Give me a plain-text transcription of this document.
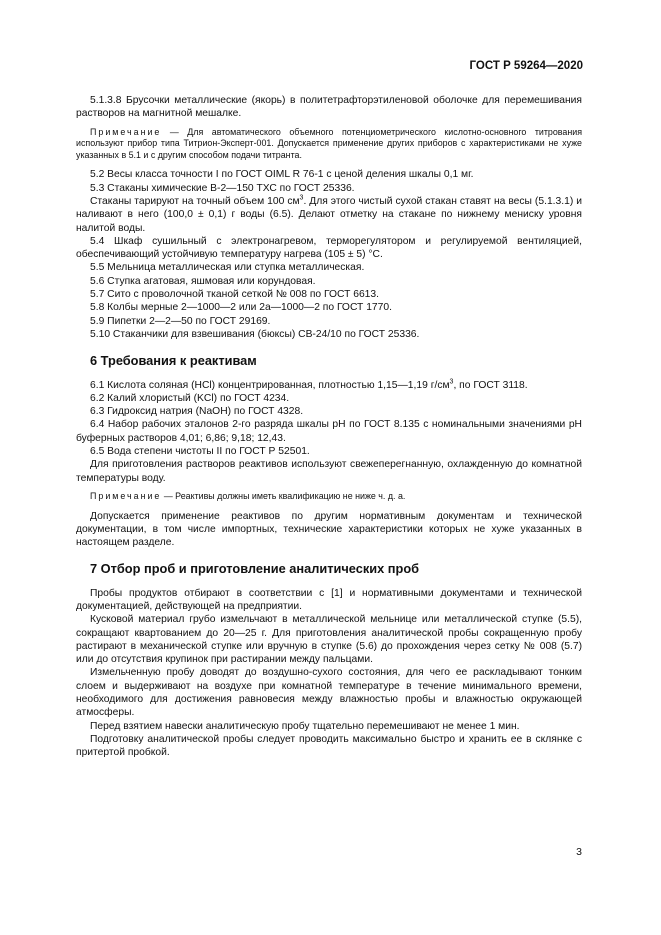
ГОСТ Р 59264—2020

5.1.3.8 Брусочки металлические (якорь) в политетрафторэтиленовой оболочке для перемешивания растворов на магнитной мешалке.

Примечание — Для автоматического объемного потенциометрического кислотно-основного титрования используют прибор типа Титрион-Эксперт-001. Допускается применение других приборов с характеристиками не хуже указанных в 5.1 и с другим способом подачи титранта.

5.2 Весы класса точности I по ГОСТ OIML R 76-1 с ценой деления шкалы 0,1 мг.

5.3 Стаканы химические В-2—150 ТХС по ГОСТ 25336.

Стаканы тарируют на точный объем 100 $см^3$. Для этого чистый сухой стакан ставят на весы (5.1.3.1) и наливают в него (100,0 ± 0,1) г воды (6.5). Делают отметку на стакане по нижнему мениску уровня налитой воды.

5.4 Шкаф сушильный с электронагревом, терморегулятором и регулируемой вентиляцией, обеспечивающий устойчивую температуру нагрева (105 ± 5) °С.

5.5 Мельница металлическая или ступка металлическая.

5.6 Ступка агатовая, яшмовая или корундовая.

5.7 Сито с проволочной тканой сеткой № 008 по ГОСТ 6613.

5.8 Колбы мерные 2—1000—2 или 2а—1000—2 по ГОСТ 1770.

5.9 Пипетки 2—2—50 по ГОСТ 29169.

5.10 Стаканчики для взвешивания (бюксы) СВ-24/10 по ГОСТ 25336.

6 Требования к реактивам

6.1 Кислота соляная (HCl) концентрированная, плотностью 1,15—1,19 $г/см^3$, по ГОСТ 3118.

6.2 Калий хлористый (KCl) по ГОСТ 4234.

6.3 Гидроксид натрия (NaOH) по ГОСТ 4328.

6.4 Набор рабочих эталонов 2-го разряда шкалы pH по ГОСТ 8.135 с номинальными значениями pH буферных растворов 4,01; 6,86; 9,18; 12,43.

6.5 Вода степени чистоты II по ГОСТ Р 52501.

Для приготовления растворов реактивов используют свежеперегнанную, охлажденную до комнатной температуры воду.

Примечание — Реактивы должны иметь квалификацию не ниже ч. д. а.

Допускается применение реактивов по другим нормативным документам и технической документации, в том числе импортных, технические характеристики которых не хуже указанных в настоящем разделе.

7 Отбор проб и приготовление аналитических проб

Пробы продуктов отбирают в соответствии с [1] и нормативными документами и технической документацией, действующей на предприятии.

Кусковой материал грубо измельчают в металлической мельнице или металлической ступке (5.5), сокращают квартованием до 20—25 г. Для приготовления аналитической пробы сокращенную пробу растирают в механической ступке или вручную в ступке (5.6) до прохождения через сетку № 008 (5.7) или до отсутствия крупинок при растирании между пальцами.

Измельченную пробу доводят до воздушно-сухого состояния, для чего ее раскладывают тонким слоем и выдерживают на воздухе при комнатной температуре в течение минимального времени, необходимого для достижения равновесия между влажностью пробы и влажностью окружающей атмосферы.

Перед взятием навески аналитическую пробу тщательно перемешивают не менее 1 мин.

Подготовку аналитической пробы следует проводить максимально быстро и хранить ее в склянке с притертой пробкой.

3
